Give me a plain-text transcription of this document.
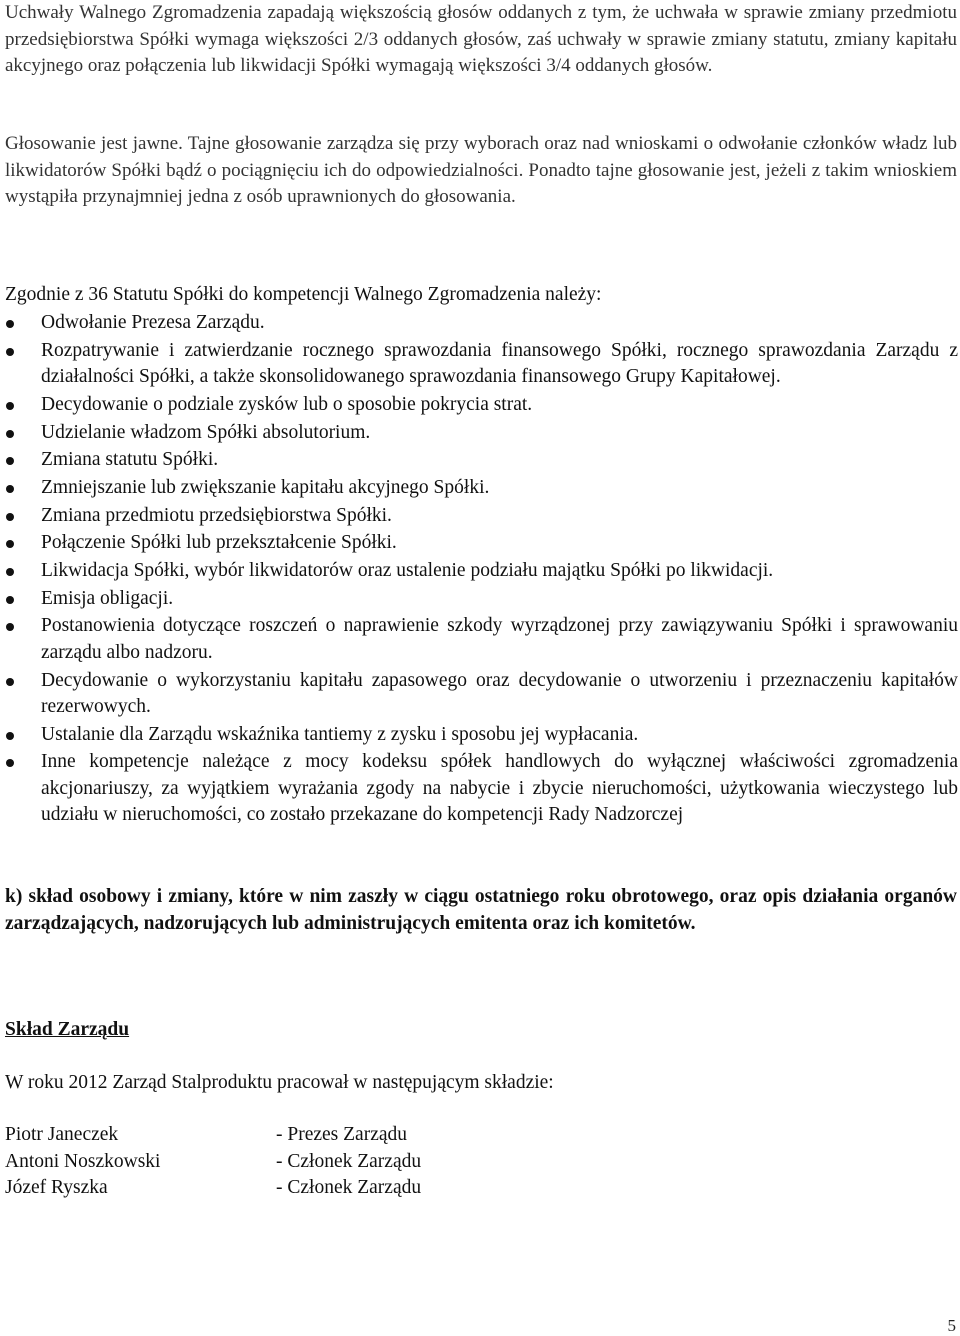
Uchwały Walnego Zgromadzenia zapadają większością głosów oddanych z tym, że uchwała w sprawie zmiany przedmiotu przedsiębiorstwa Spółki wymaga większości 2/3 oddanych głosów, zaś uchwały w sprawie zmiany statutu, zmiany kapitału akcyjnego oraz połączenia lub likwidacji Spółki wymagają większości 3/4 oddanych głosów.

Głosowanie jest jawne. Tajne głosowanie zarządza się przy wyborach oraz nad wnioskami o odwołanie członków władz lub likwidatorów Spółki bądź o pociągnięciu ich do odpowiedzialności. Ponadto tajne głosowanie jest, jeżeli z takim wnioskiem wystąpiła przynajmniej jedna z osób uprawnionych do głosowania.

Zgodnie z 36 Statutu Spółki do kompetencji Walnego Zgromadzenia należy:

Odwołanie Prezesa Zarządu.
Rozpatrywanie i zatwierdzanie rocznego sprawozdania finansowego Spółki, rocznego sprawozdania Zarządu z działalności Spółki, a także skonsolidowanego sprawozdania finansowego Grupy Kapitałowej.
Decydowanie o podziale zysków lub o sposobie pokrycia strat.
Udzielanie władzom Spółki absolutorium.
Zmiana statutu Spółki.
Zmniejszanie lub zwiększanie kapitału akcyjnego Spółki.
Zmiana przedmiotu przedsiębiorstwa Spółki.
Połączenie Spółki lub przekształcenie Spółki.
Likwidacja Spółki, wybór likwidatorów oraz ustalenie podziału majątku Spółki po likwidacji.
Emisja obligacji.
Postanowienia dotyczące roszczeń o naprawienie szkody wyrządzonej przy zawiązywaniu Spółki i sprawowaniu zarządu albo nadzoru.
Decydowanie o wykorzystaniu kapitału zapasowego oraz decydowanie o utworzeniu i przeznaczeniu kapitałów rezerwowych.
Ustalanie dla Zarządu wskaźnika tantiemy z zysku i sposobu jej wypłacania.
Inne kompetencje należące z mocy kodeksu spółek handlowych do wyłącznej właściwości zgromadzenia akcjonariuszy, za wyjątkiem wyrażania zgody na nabycie i zbycie nieruchomości, użytkowania wieczystego lub udziału w nieruchomości, co zostało przekazane do kompetencji Rady Nadzorczej

k) skład osobowy i zmiany, które w nim zaszły w ciągu ostatniego roku obrotowego, oraz opis działania organów zarządzających, nadzorujących lub administrujących emitenta oraz ich komitetów.

Skład Zarządu

W roku 2012 Zarząd Stalproduktu pracował w następującym składzie:

Piotr Janeczek	- Prezes Zarządu
Antoni Noszkowski	- Członek Zarządu
Józef Ryszka	- Członek Zarządu
5
